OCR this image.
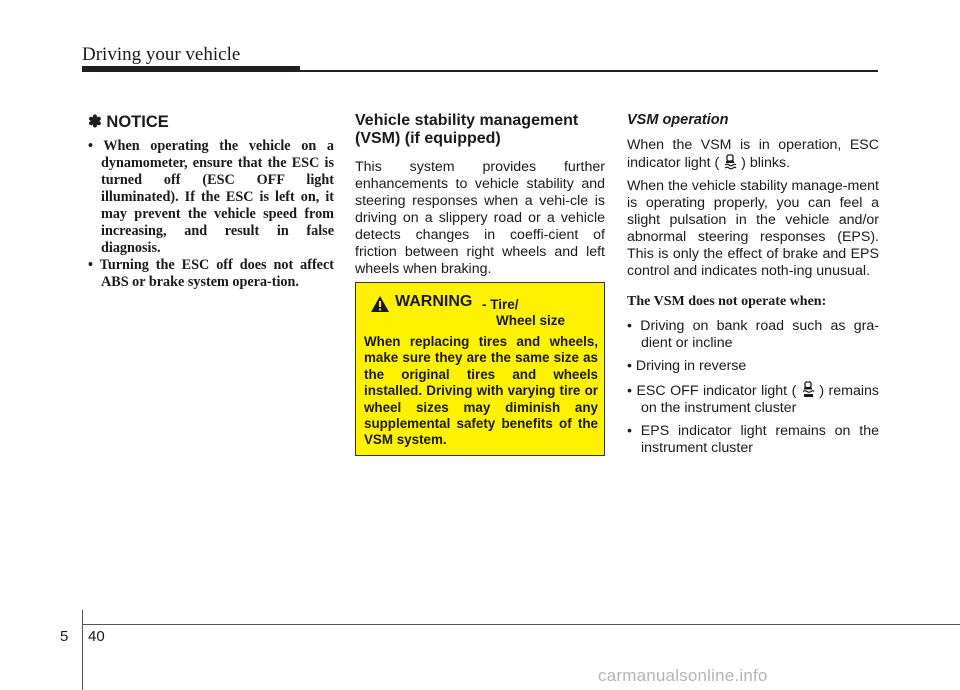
Driving your vehicle
✽ NOTICE
• When operating the vehicle on a dynamometer, ensure that the ESC is turned off (ESC OFF light illuminated). If the ESC is left on, it may prevent the vehicle speed from increasing, and result in false diagnosis.
• Turning the ESC off does not affect ABS or brake system opera-tion.
Vehicle stability management (VSM) (if equipped)

This system provides further enhancements to vehicle stability and steering responses when a vehi-cle is driving on a slippery road or a vehicle detects changes in coeffi-cient of friction between right wheels and left wheels when braking.

WARNING - Tire/
Wheel size
When replacing tires and wheels, make sure they are the same size as the original tires and wheels installed. Driving with varying tire or wheel sizes may diminish any supplemental safety benefits of the VSM system.
VSM operation

When the VSM is in operation, ESC indicator light ( ) blinks.

When the vehicle stability manage-ment is operating properly, you can feel a slight pulsation in the vehicle and/or abnormal steering responses (EPS). This is only the effect of brake and EPS control and indicates noth-ing unusual.

The VSM does not operate when:
• Driving on bank road such as gra-dient or incline
• Driving in reverse
• ESC OFF indicator light ( ) remains on the instrument cluster
• EPS indicator light remains on the instrument cluster
5 40
carmanualsonline.info
